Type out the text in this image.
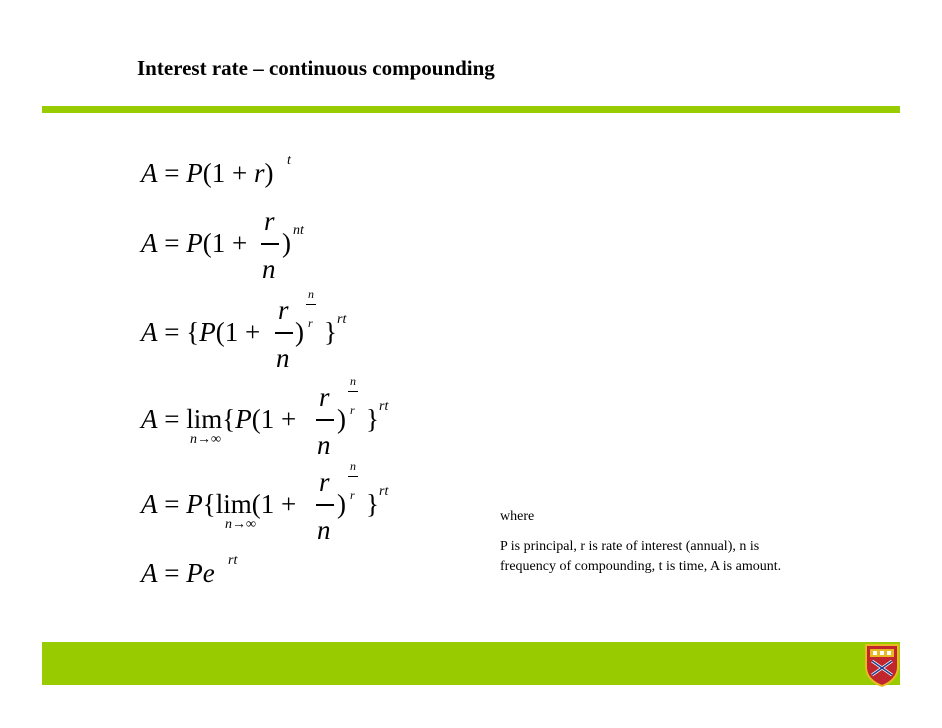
Interest rate – continuous compounding
A = P(1 + r) t
A = P(1 +
r
n
) nt
A = {P(1 +
r
n
)
n
r } rt
A = lim{P(1 +
n→∞
r
n
)
n
r } rt
A = P{lim(1 +
n→∞
r
n
)
n
r } rt
A = Pe rt
where
P is principal, r is rate of interest (annual), n is
frequency of compounding, t is time, A is amount.
